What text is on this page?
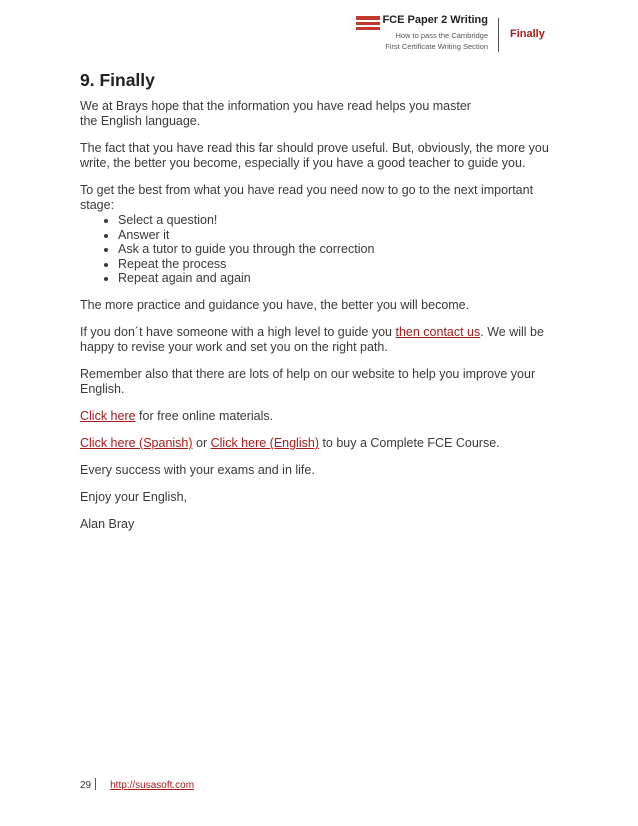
FCE Paper 2 Writing
How to pass the Cambridge
First Certificate Writing Section
Finally
9. Finally

We at Brays hope that the information you have read helps you master
the English language.

The fact that you have read this far should prove useful. But, obviously, the more you write, the better you become, especially if you have a good teacher to guide you.

To get the best from what you have read you need now to go to the next important stage:

• Select a question!
• Answer it
• Ask a tutor to guide you through the correction
• Repeat the process
• Repeat again and again

The more practice and guidance you have, the better you will become.

If you don´t have someone with a high level to guide you then contact us. We will be happy to revise your work and set you on the right path.

Remember also that there are lots of help on our website to help you improve your English.

Click here for free online materials.

Click here (Spanish) or Click here (English) to buy a Complete FCE Course.

Every success with your exams and in life.

Enjoy your English,

Alan Bray

29 http://susasoft.com
